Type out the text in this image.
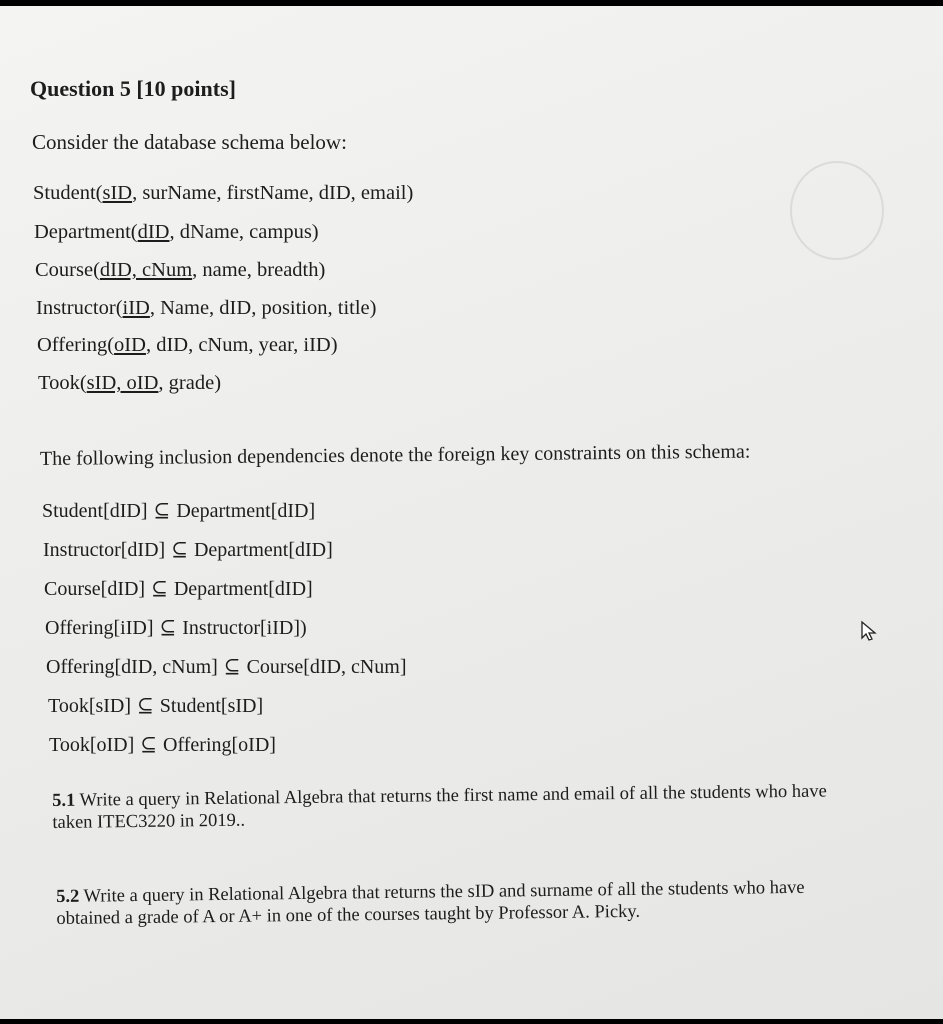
Question 5 [10 points]
Consider the database schema below:
Student(sID, surName, firstName, dID, email)
Department(dID, dName, campus)
Course(dID, cNum, name, breadth)
Instructor(iID, Name, dID, position, title)
Offering(oID, dID, cNum, year, iID)
Took(sID, oID, grade)
The following inclusion dependencies denote the foreign key constraints on this schema:
Student[dID] ⊆ Department[dID]
Instructor[dID] ⊆ Department[dID]
Course[dID] ⊆ Department[dID]
Offering[iID] ⊆ Instructor[iID])
Offering[dID, cNum] ⊆ Course[dID, cNum]
Took[sID] ⊆ Student[sID]
Took[oID] ⊆ Offering[oID]
5.1 Write a query in Relational Algebra that returns the first name and email of all the students who have
taken ITEC3220 in 2019..
5.2 Write a query in Relational Algebra that returns the sID and surname of all the students who have
obtained a grade of A or A+ in one of the courses taught by Professor A. Picky.
